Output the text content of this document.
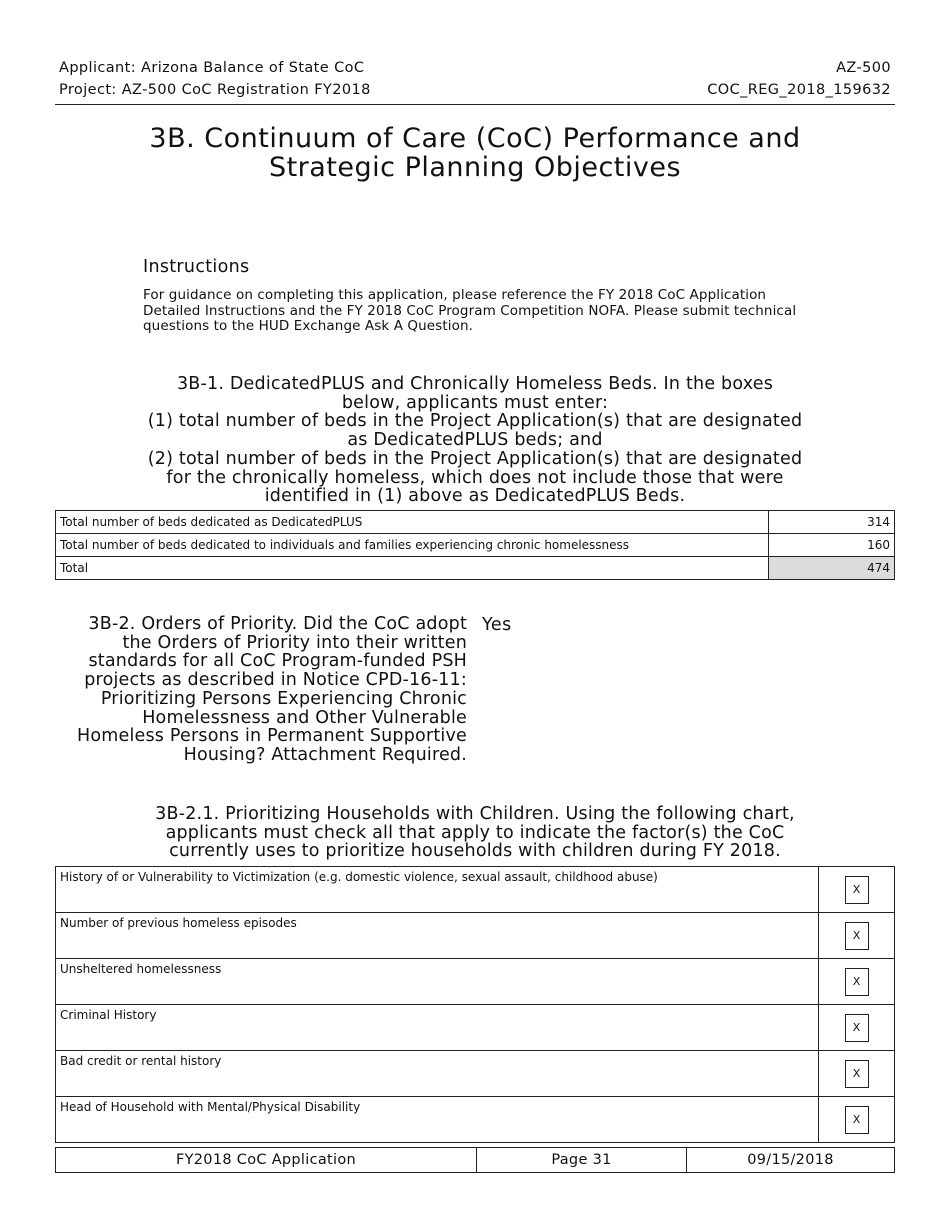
Applicant: Arizona Balance of State CoC
Project: AZ-500 CoC Registration FY2018
AZ-500
COC_REG_2018_159632
3B. Continuum of Care (CoC) Performance and
Strategic Planning Objectives
Instructions
For guidance on completing this application, please reference the FY 2018 CoC Application Detailed Instructions and the FY 2018 CoC Program Competition NOFA. Please submit technical questions to the HUD Exchange Ask A Question.
3B-1. DedicatedPLUS and Chronically Homeless Beds. In the boxes
below, applicants must enter:
(1) total number of beds in the Project Application(s) that are designated
as DedicatedPLUS beds; and
(2) total number of beds in the Project Application(s) that are designated
for the chronically homeless, which does not include those that were
identified in (1) above as DedicatedPLUS Beds.
Total number of beds dedicated as DedicatedPLUS	314
Total number of beds dedicated to individuals and families experiencing chronic homelessness	160
Total	474
3B-2. Orders of Priority. Did the CoC adopt
the Orders of Priority into their written
standards for all CoC Program-funded PSH
projects as described in Notice CPD-16-11:
Prioritizing Persons Experiencing Chronic
Homelessness and Other Vulnerable
Homeless Persons in Permanent Supportive
Housing? Attachment Required.
Yes
3B-2.1. Prioritizing Households with Children. Using the following chart,
applicants must check all that apply to indicate the factor(s) the CoC
currently uses to prioritize households with children during FY 2018.
History of or Vulnerability to Victimization (e.g. domestic violence, sexual assault, childhood abuse)	X

Number of previous homeless episodes	X

Unsheltered homelessness	X

Criminal History	X

Bad credit or rental history	X

Head of Household with Mental/Physical Disability	X
FY2018 CoC Application	Page 31	09/15/2018
